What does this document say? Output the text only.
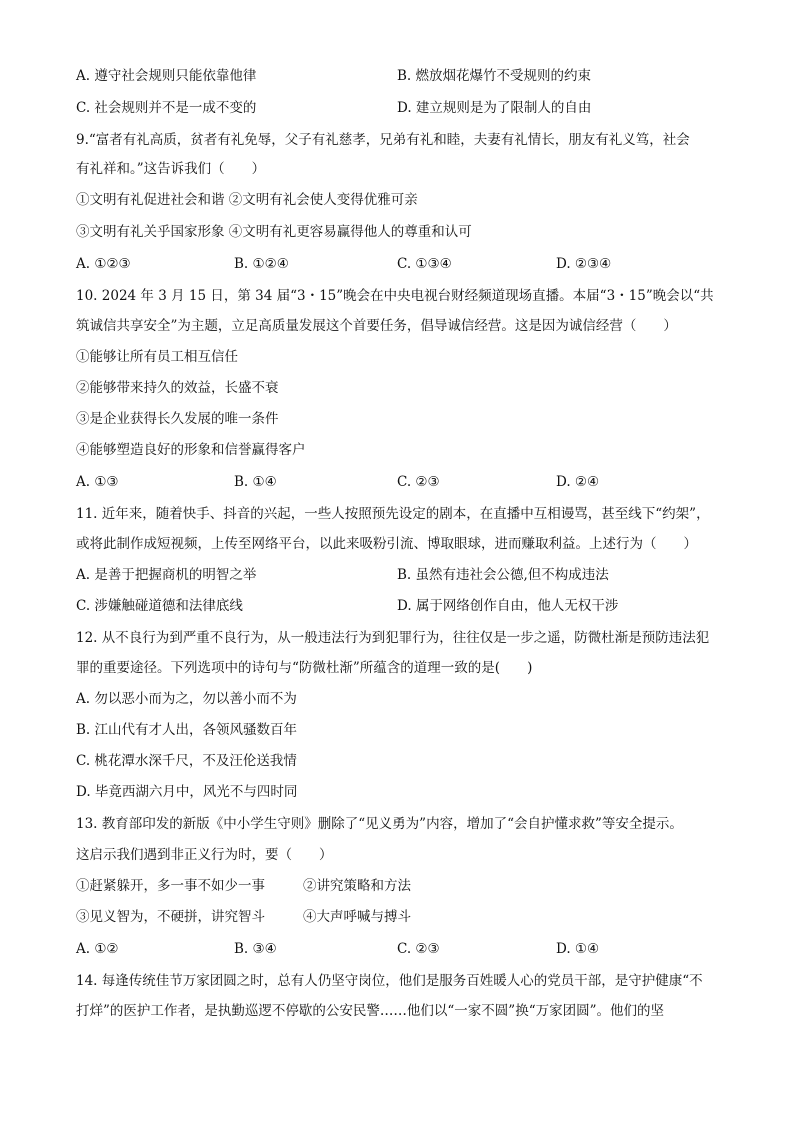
A. 遵守社会规则只能依靠他律	B. 燃放烟花爆竹不受规则的约束
C. 社会规则并不是一成不变的	D. 建立规则是为了限制人的自由
9.“富者有礼高质，贫者有礼免辱，父子有礼慈孝，兄弟有礼和睦，夫妻有礼情长，朋友有礼义笃，社会
有礼祥和。”这告诉我们（　　）
①文明有礼促进社会和谐 ②文明有礼会使人变得优雅可亲
③文明有礼关乎国家形象 ④文明有礼更容易赢得他人的尊重和认可
A. ①②③	B. ①②④	C. ①③④	D. ②③④
10. 2024 年 3 月 15 日，第 34 届“3・15”晚会在中央电视台财经频道现场直播。本届“3・15”晚会以“共
筑诚信共享安全”为主题，立足高质量发展这个首要任务，倡导诚信经营。这是因为诚信经营（　　）
①能够让所有员工相互信任
②能够带来持久的效益，长盛不衰
③是企业获得长久发展的唯一条件
④能够塑造良好的形象和信誉赢得客户
A. ①③	B. ①④	C. ②③	D. ②④
11. 近年来，随着快手、抖音的兴起，一些人按照预先设定的剧本，在直播中互相谩骂，甚至线下“约架”，
或将此制作成短视频，上传至网络平台，以此来吸粉引流、博取眼球，进而赚取利益。上述行为（　　）
A. 是善于把握商机的明智之举	B. 虽然有违社会公德,但不构成违法
C. 涉嫌触碰道德和法律底线	D. 属于网络创作自由，他人无权干涉
12. 从不良行为到严重不良行为，从一般违法行为到犯罪行为，往往仅是一步之遥，防微杜渐是预防违法犯
罪的重要途径。下列选项中的诗句与“防微杜渐”所蕴含的道理一致的是(　　)
A. 勿以恶小而为之，勿以善小而不为
B. 江山代有才人出，各领风骚数百年
C. 桃花潭水深千尺，不及汪伦送我情
D. 毕竟西湖六月中，风光不与四时同
13. 教育部印发的新版《中小学生守则》删除了“见义勇为”内容，增加了“会自护懂求救”等安全提示。
这启示我们遇到非正义行为时，要（　　）
①赶紧躲开，多一事不如少一事	②讲究策略和方法
③见义智为，不硬拼，讲究智斗	④大声呼喊与搏斗
A. ①②	B. ③④	C. ②③	D. ①④
14. 每逢传统佳节万家团圆之时，总有人仍坚守岗位，他们是服务百姓暖人心的党员干部，是守护健康“不
打烊”的医护工作者，是执勤巡逻不停歇的公安民警……他们以“一家不圆”换“万家团圆”。他们的坚
